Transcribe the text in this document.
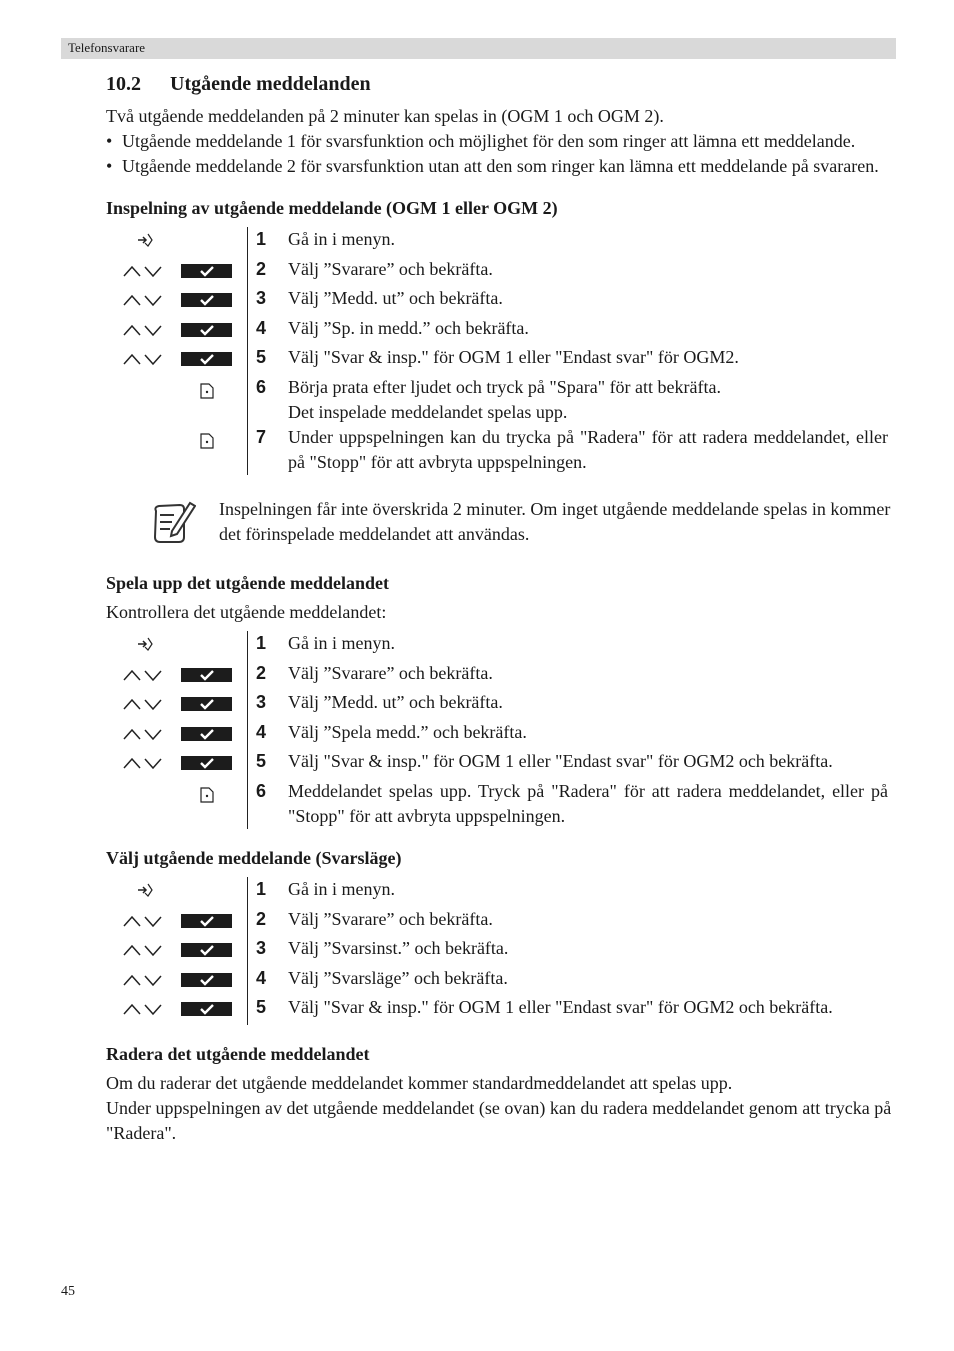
Telefonsvarare
10.2 Utgående meddelanden

Två utgående meddelanden på 2 minuter kan spelas in (OGM 1 och OGM 2).

• Utgående meddelande 1 för svarsfunktion och möjlighet för den som ringer att lämna ett meddelande.

• Utgående meddelande 2 för svarsfunktion utan att den som ringer kan lämna ett meddelande på svararen.

Inspelning av utgående meddelande (OGM 1 eller OGM 2)
1	Gå in i menyn.
2	Välj ”Svarare” och bekräfta.
3	Välj ”Medd. ut” och bekräfta.
4	Välj ”Sp. in medd.” och bekräfta.
5	Välj "Svar & insp." för OGM 1 eller "Endast svar" för OGM2.
6	Börja prata efter ljudet och tryck på "Spara" för att bekräfta.
Det inspelade meddelandet spelas upp.
7	Under uppspelningen kan du trycka på "Radera" för att radera meddelandet, eller på "Stopp" för att avbryta uppspelningen.

Inspelningen får inte överskrida 2 minuter. Om inget utgående meddelande spelas in kommer det förinspelade meddelandet att användas.

Spela upp det utgående meddelandet

Kontrollera det utgående meddelandet:

1	Gå in i menyn.
2	Välj ”Svarare” och bekräfta.
3	Välj ”Medd. ut” och bekräfta.
4	Välj ”Spela medd.” och bekräfta.
5	Välj "Svar & insp." för OGM 1 eller "Endast svar" för OGM2 och bekräfta.
6	Meddelandet spelas upp. Tryck på "Radera" för att radera meddelandet, eller på "Stopp" för att avbryta uppspelningen.
Välj utgående meddelande (Svarsläge)
1	Gå in i menyn.
2	Välj ”Svarare” och bekräfta.
3	Välj ”Svarsinst.” och bekräfta.
4	Välj ”Svarsläge” och bekräfta.
5	Välj "Svar & insp." för OGM 1 eller "Endast svar" för OGM2 och bekräfta.
Radera det utgående meddelandet

Om du raderar det utgående meddelandet kommer standardmeddelandet att spelas upp.

Under uppspelningen av det utgående meddelandet (se ovan) kan du radera meddelandet genom att trycka på "Radera".

45
